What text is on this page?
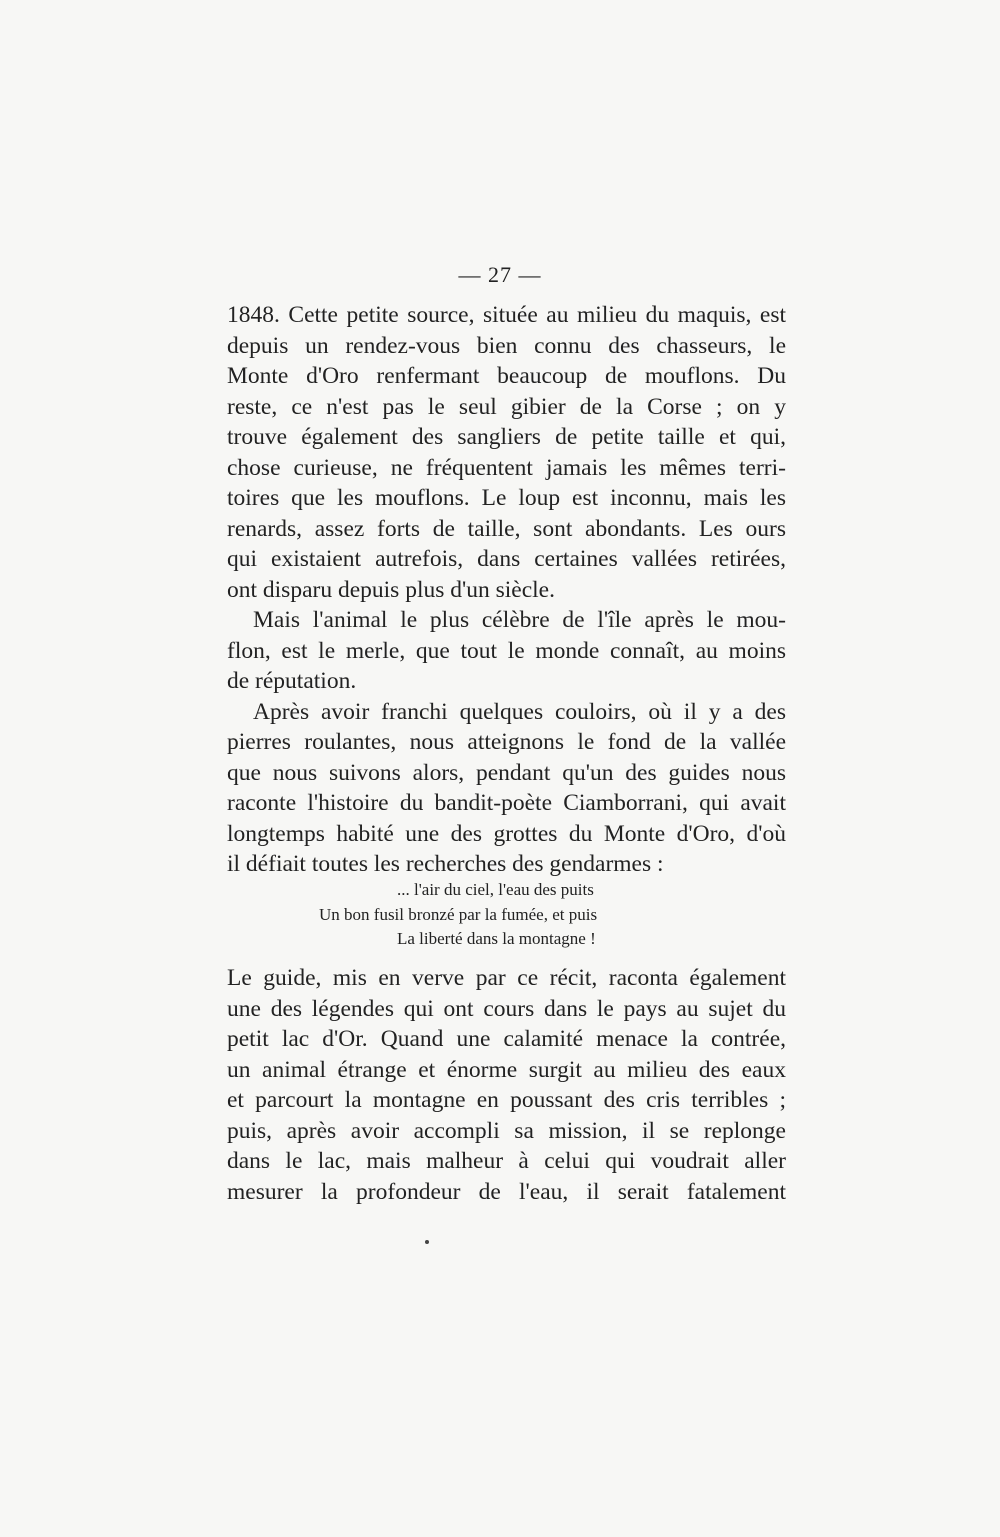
— 27 —
1848. Cette petite source, située au milieu du maquis, est
depuis un rendez-vous bien connu des chasseurs, le
Monte d'Oro renfermant beaucoup de mouflons. Du
reste, ce n'est pas le seul gibier de la Corse ; on y
trouve également des sangliers de petite taille et qui,
chose curieuse, ne fréquentent jamais les mêmes terri-
toires que les mouflons. Le loup est inconnu, mais les
renards, assez forts de taille, sont abondants. Les ours
qui existaient autrefois, dans certaines vallées retirées,
ont disparu depuis plus d'un siècle.
Mais l'animal le plus célèbre de l'île après le mou-
flon, est le merle, que tout le monde connaît, au moins
de réputation.
Après avoir franchi quelques couloirs, où il y a des
pierres roulantes, nous atteignons le fond de la vallée
que nous suivons alors, pendant qu'un des guides nous
raconte l'histoire du bandit-poète Ciamborrani, qui avait
longtemps habité une des grottes du Monte d'Oro, d'où
il défiait toutes les recherches des gendarmes :
... l'air du ciel, l'eau des puits
Un bon fusil bronzé par la fumée, et puis
La liberté dans la montagne !
Le guide, mis en verve par ce récit, raconta également
une des légendes qui ont cours dans le pays au sujet du
petit lac d'Or. Quand une calamité menace la contrée,
un animal étrange et énorme surgit au milieu des eaux
et parcourt la montagne en poussant des cris terribles ;
puis, après avoir accompli sa mission, il se replonge
dans le lac, mais malheur à celui qui voudrait aller
mesurer la profondeur de l'eau, il serait fatalement
